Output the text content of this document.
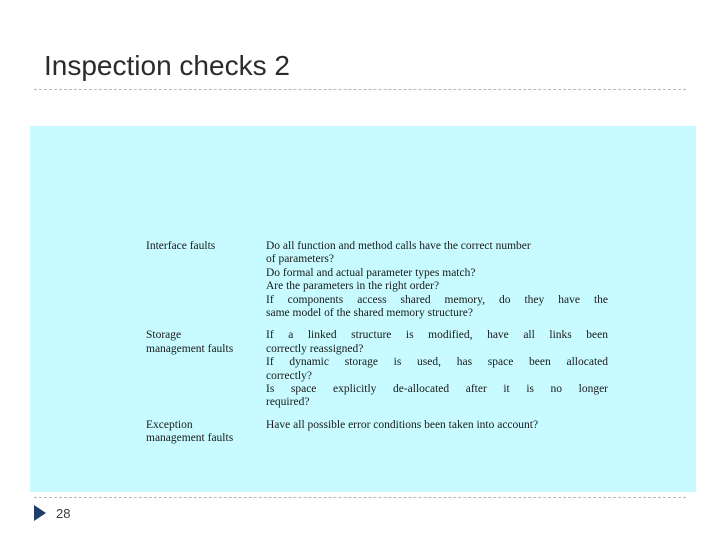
Inspection checks 2
Interface faults	Do all function and method calls have the correct number
of parameters?
Do formal and actual parameter types match?
Are the parameters in the right order?
If components access shared memory, do they have the
same model of the shared memory structure?
Storage
management faults
If a linked structure is modified, have all links been
correctly reassigned?
If dynamic storage is used, has space been allocated
correctly?
Is space explicitly de-allocated after it is no longer
required?
Exception
management faults
Have all possible error conditions been taken into account?
28
